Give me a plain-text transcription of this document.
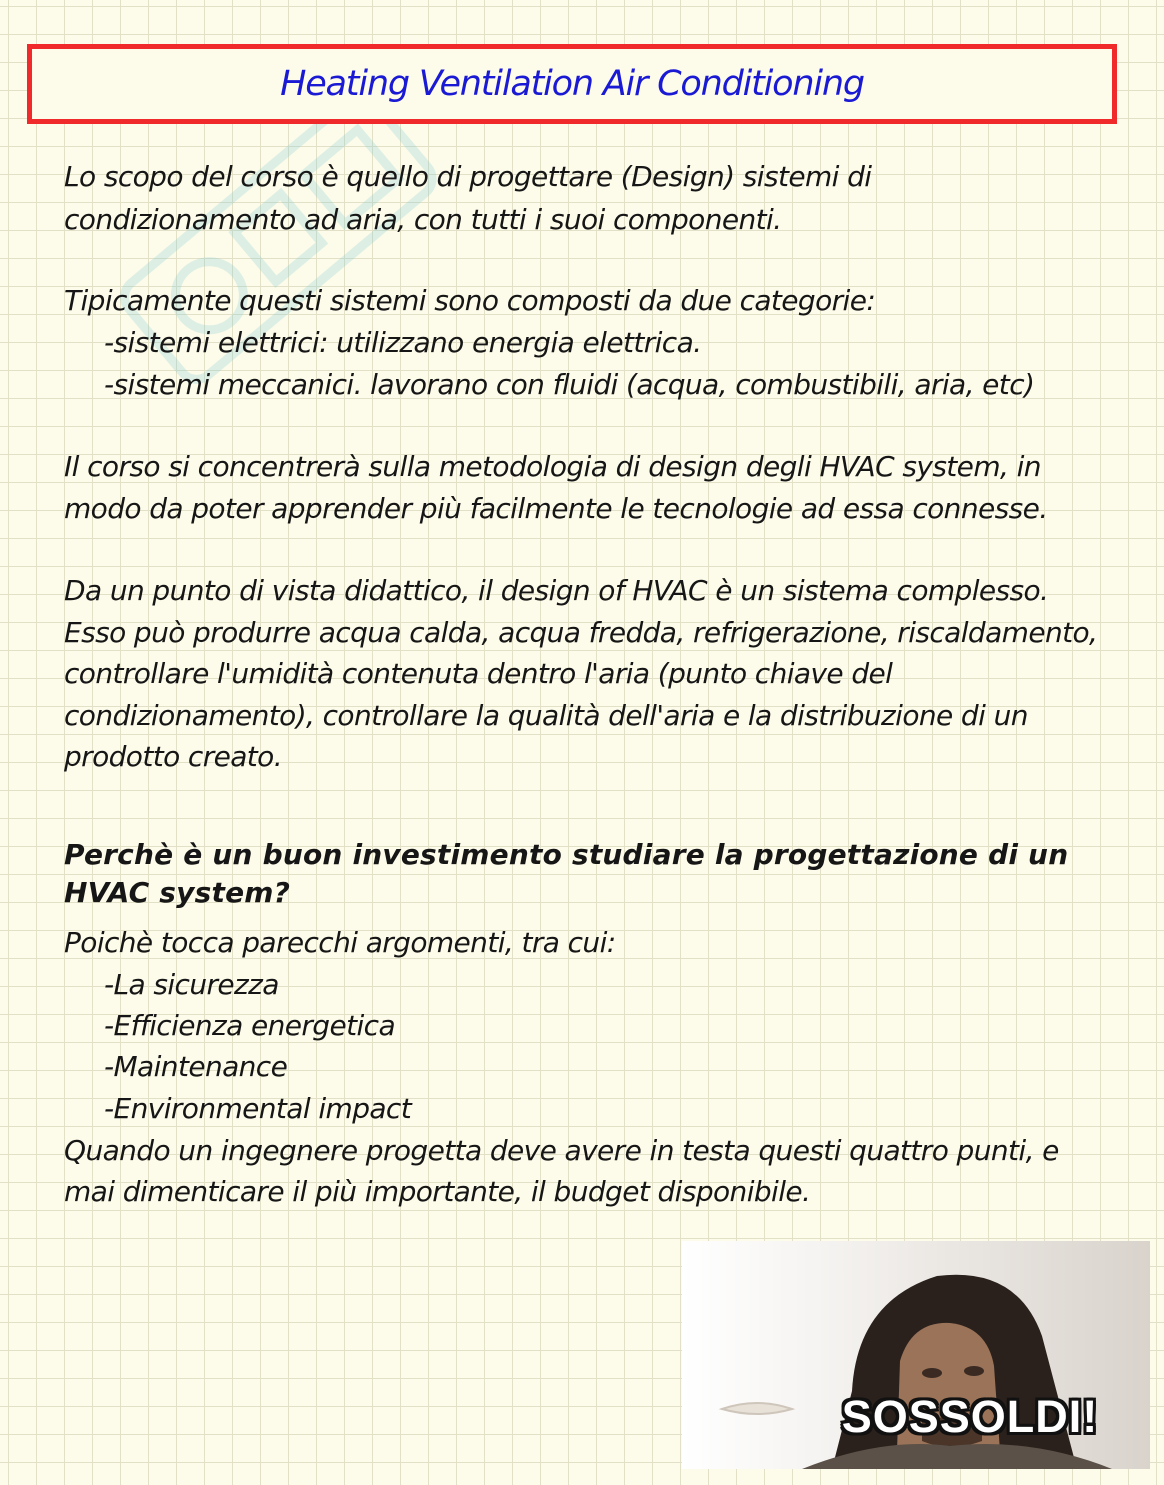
Heating Ventilation Air Conditioning
Lo scopo del corso è quello di progettare (Design) sistemi di
condizionamento ad aria, con tutti i suoi componenti.
Tipicamente questi sistemi sono composti da due categorie:
-sistemi elettrici: utilizzano energia elettrica.
-sistemi meccanici. lavorano con fluidi (acqua, combustibili, aria, etc)
Il corso si concentrerà sulla metodologia di design degli HVAC system, in
modo da poter apprender più facilmente le tecnologie ad essa connesse.
Da un punto di vista didattico, il design of HVAC è un sistema complesso.
Esso può produrre acqua calda, acqua fredda, refrigerazione, riscaldamento,
controllare l'umidità contenuta dentro l'aria (punto chiave del
condizionamento), controllare la qualità dell'aria e la distribuzione di un
prodotto creato.
Perchè è un buon investimento studiare la progettazione di un
HVAC system?
Poichè tocca parecchi argomenti, tra cui:
-La sicurezza
-Efficienza energetica
-Maintenance
-Environmental impact
Quando un ingegnere progetta deve avere in testa questi quattro punti, e
mai dimenticare il più importante, il budget disponibile.
SOSSOLDI!
